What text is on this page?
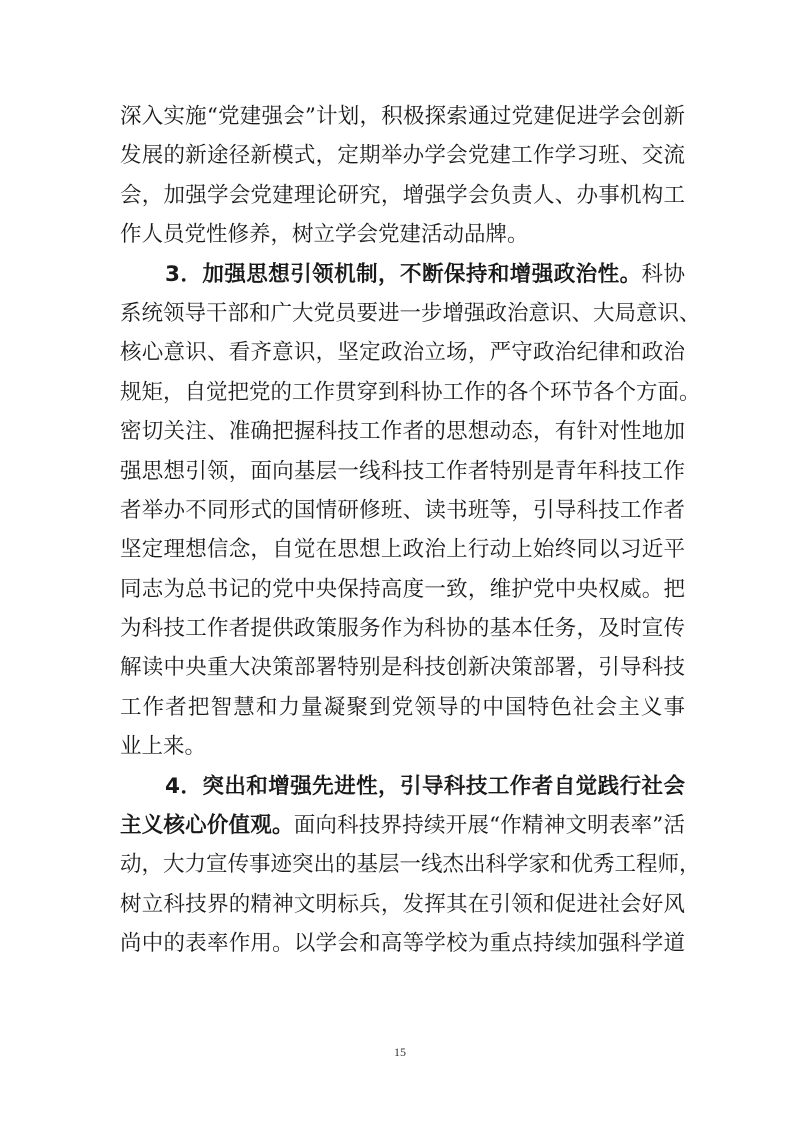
深入实施“党建强会”计划，积极探索通过党建促进学会创新
发展的新途径新模式，定期举办学会党建工作学习班、交流
会，加强学会党建理论研究，增强学会负责人、办事机构工
作人员党性修养，树立学会党建活动品牌。
3．加强思想引领机制，不断保持和增强政治性。科协
系统领导干部和广大党员要进一步增强政治意识、大局意识、
核心意识、看齐意识，坚定政治立场，严守政治纪律和政治
规矩，自觉把党的工作贯穿到科协工作的各个环节各个方面。
密切关注、准确把握科技工作者的思想动态，有针对性地加
强思想引领，面向基层一线科技工作者特别是青年科技工作
者举办不同形式的国情研修班、读书班等，引导科技工作者
坚定理想信念，自觉在思想上政治上行动上始终同以习近平
同志为总书记的党中央保持高度一致，维护党中央权威。把
为科技工作者提供政策服务作为科协的基本任务，及时宣传
解读中央重大决策部署特别是科技创新决策部署，引导科技
工作者把智慧和力量凝聚到党领导的中国特色社会主义事
业上来。
4．突出和增强先进性，引导科技工作者自觉践行社会
主义核心价值观。面向科技界持续开展“作精神文明表率”活
动，大力宣传事迹突出的基层一线杰出科学家和优秀工程师，
树立科技界的精神文明标兵，发挥其在引领和促进社会好风
尚中的表率作用。以学会和高等学校为重点持续加强科学道
15
